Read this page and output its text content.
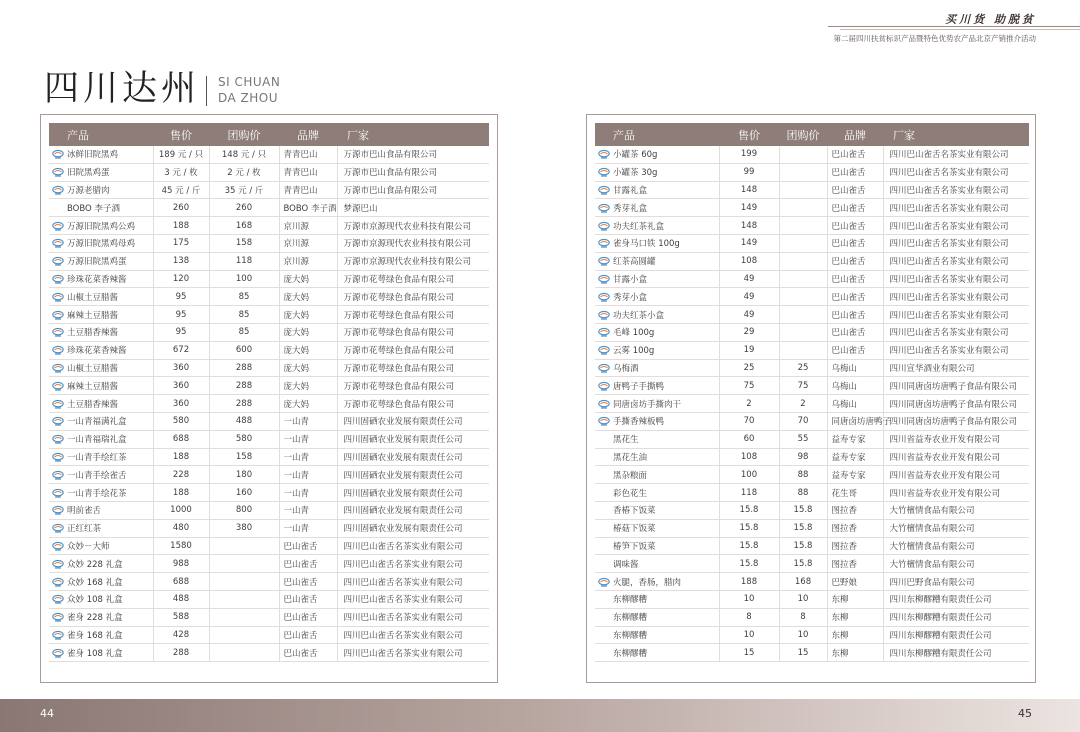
买川货 助脱贫
第二届四川扶贫标识产品暨特色优势农产品北京产销推介活动
四川达州 SI CHUAN
DA ZHOU
产品	售价	团购价	品牌	厂家
冰鲜旧院黑鸡	189 元 / 只	148 元 / 只	青青巴山	万源市巴山食品有限公司
旧院黑鸡蛋	3 元 / 枚	2 元 / 枚	青青巴山	万源市巴山食品有限公司
万源老腊肉	45 元 / 斤	35 元 / 斤	青青巴山	万源市巴山食品有限公司
BOBO 李子酒	260	260	BOBO 李子酒	梦源巴山
万源旧院黑鸡公鸡	188	168	京川源	万源市京源现代农业科技有限公司
万源旧院黑鸡母鸡	175	158	京川源	万源市京源现代农业科技有限公司
万源旧院黑鸡蛋	138	118	京川源	万源市京源现代农业科技有限公司
珍珠花菜香辣酱	120	100	庞大妈	万源市花萼绿色食品有限公司
山椒土豆腊酱	95	85	庞大妈	万源市花萼绿色食品有限公司
麻辣土豆腊酱	95	85	庞大妈	万源市花萼绿色食品有限公司
土豆腊香辣酱	95	85	庞大妈	万源市花萼绿色食品有限公司
珍珠花菜香辣酱	672	600	庞大妈	万源市花萼绿色食品有限公司
山椒土豆腊酱	360	288	庞大妈	万源市花萼绿色食品有限公司
麻辣土豆腊酱	360	288	庞大妈	万源市花萼绿色食品有限公司
土豆腊香辣酱	360	288	庞大妈	万源市花萼绿色食品有限公司
一山青福满礼盒	580	488	一山青	四川固硒农业发展有限责任公司
一山青福瑞礼盒	688	580	一山青	四川固硒农业发展有限责任公司
一山青手绘红茶	188	158	一山青	四川固硒农业发展有限责任公司
一山青手绘雀舌	228	180	一山青	四川固硒农业发展有限责任公司
一山青手绘花茶	188	160	一山青	四川固硒农业发展有限责任公司
明前雀舌	1000	800	一山青	四川固硒农业发展有限责任公司
正红红茶	480	380	一山青	四川固硒农业发展有限责任公司
众妙－大师	1580		巴山雀舌	四川巴山雀舌名茶实业有限公司
众妙 228 礼盒	988		巴山雀舌	四川巴山雀舌名茶实业有限公司
众妙 168 礼盒	688		巴山雀舌	四川巴山雀舌名茶实业有限公司
众妙 108 礼盒	488		巴山雀舌	四川巴山雀舌名茶实业有限公司
雀身 228 礼盒	588		巴山雀舌	四川巴山雀舌名茶实业有限公司
雀身 168 礼盒	428		巴山雀舌	四川巴山雀舌名茶实业有限公司
雀身 108 礼盒	288		巴山雀舌	四川巴山雀舌名茶实业有限公司
产品	售价	团购价	品牌	厂家
小罐茶 60g	199		巴山雀舌	四川巴山雀舌名茶实业有限公司
小罐茶 30g	99		巴山雀舌	四川巴山雀舌名茶实业有限公司
甘露礼盒	148		巴山雀舌	四川巴山雀舌名茶实业有限公司
秀芽礼盒	149		巴山雀舌	四川巴山雀舌名茶实业有限公司
功夫红茶礼盒	148		巴山雀舌	四川巴山雀舌名茶实业有限公司
雀身马口铁 100g	149		巴山雀舌	四川巴山雀舌名茶实业有限公司
红茶高圆罐	108		巴山雀舌	四川巴山雀舌名茶实业有限公司
甘露小盒	49		巴山雀舌	四川巴山雀舌名茶实业有限公司
秀芽小盒	49		巴山雀舌	四川巴山雀舌名茶实业有限公司
功夫红茶小盒	49		巴山雀舌	四川巴山雀舌名茶实业有限公司
毛峰 100g	29		巴山雀舌	四川巴山雀舌名茶实业有限公司
云雾 100g	19		巴山雀舌	四川巴山雀舌名茶实业有限公司
乌梅酒	25	25	乌梅山	四川宣华酒业有限公司
唐鸭子手撕鸭	75	75	乌梅山	四川同唐卤坊唐鸭子食品有限公司
同唐卤坊手撕肉干	2	2	乌梅山	四川同唐卤坊唐鸭子食品有限公司
手撕香辣板鸭	70	70	同唐卤坊唐鸭子	四川同唐卤坊唐鸭子食品有限公司
黑花生	60	55	益寿专家	四川省益寿农业开发有限公司
黑花生油	108	98	益寿专家	四川省益寿农业开发有限公司
黑杂粮面	100	88	益寿专家	四川省益寿农业开发有限公司
彩色花生	118	88	花生哥	四川省益寿农业开发有限公司
香椿下饭菜	15.8	15.8	图拉香	大竹檀情食品有限公司
椿菇下饭菜	15.8	15.8	图拉香	大竹檀情食品有限公司
椿笋下饭菜	15.8	15.8	图拉香	大竹檀情食品有限公司
调味酱	15.8	15.8	图拉香	大竹檀情食品有限公司
火腿，香肠，腊肉	188	168	巴野娘	四川巴野食品有限公司
东柳醪糟	10	10	东柳	四川东柳醪糟有限责任公司
东柳醪糟	8	8	东柳	四川东柳醪糟有限责任公司
东柳醪糟	10	10	东柳	四川东柳醪糟有限责任公司
东柳醪糟	15	15	东柳	四川东柳醪糟有限责任公司
44	45
